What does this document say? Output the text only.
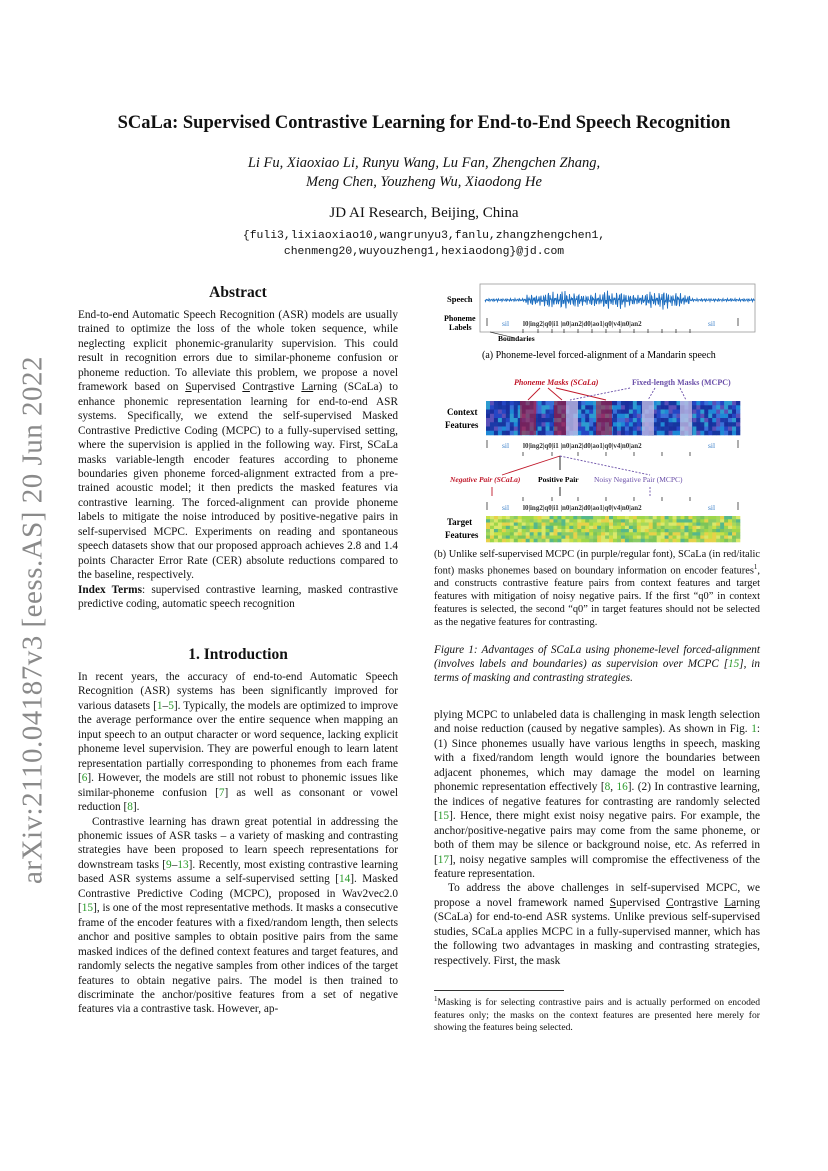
arXiv:2110.04187v3 [eess.AS] 20 Jun 2022
SCaLa: Supervised Contrastive Learning for End-to-End Speech Recognition
Li Fu, Xiaoxiao Li, Runyu Wang, Lu Fan, Zhengchen Zhang,
Meng Chen, Youzheng Wu, Xiaodong He
JD AI Research, Beijing, China
{fuli3,lixiaoxiao10,wangrunyu3,fanlu,zhangzhengchen1,
chenmeng20,wuyouzheng1,hexiaodong}@jd.com
Abstract

End-to-end Automatic Speech Recognition (ASR) models are usually trained to optimize the loss of the whole token sequence, while neglecting explicit phonemic-granularity supervision. This could result in recognition errors due to similar-phoneme confusion or phoneme reduction. To alleviate this problem, we propose a novel framework based on Supervised Contrastive Larning (SCaLa) to enhance phonemic representation learning for end-to-end ASR systems. Specifically, we extend the self-supervised Masked Contrastive Predictive Coding (MCPC) to a fully-supervised setting, where the supervision is applied in the following way. First, SCaLa masks variable-length encoder features according to phoneme boundaries given phoneme forced-alignment extracted from a pre-trained acoustic model; it then predicts the masked features via contrastive learning. The forced-alignment can provide phoneme labels to mitigate the noise introduced by positive-negative pairs in self-supervised MCPC. Experiments on reading and spontaneous speech datasets show that our proposed approach achieves 2.8 and 1.4 points Character Error Rate (CER) absolute reductions compared to the baseline, respectively.

Index Terms: supervised contrastive learning, masked contrastive predictive coding, automatic speech recognition

1. Introduction

In recent years, the accuracy of end-to-end Automatic Speech Recognition (ASR) systems has been significantly improved for various datasets [1–5]. Typically, the models are optimized to improve the average performance over the entire sequence when mapping an input speech to an output character or word sequence, lacking explicit phoneme level supervision. They are powerful enough to learn latent representation partially corresponding to phonemes from each frame [6]. However, the models are still not robust to phonemic issues like similar-phoneme confusion [7] as well as consonant or vowel reduction [8].

Contrastive learning has drawn great potential in addressing the phonemic issues of ASR tasks – a variety of masking and contrasting strategies have been proposed to learn speech representations for downstream tasks [9–13]. Recently, most existing contrastive learning based ASR systems assume a self-supervised setting [14]. Masked Contrastive Predictive Coding (MCPC), proposed in Wav2vec2.0 [15], is one of the most representative methods. It masks a consecutive frame of the encoder features with a fixed/random length, then selects anchor and positive samples to obtain positive pairs from the same masked indices of the defined context features and target features, and randomly selects the negative samples from other indices of the target features to obtain negative pairs. The model is then trained to discriminate the anchor/positive features from a set of negative features via a contrastive task. However, ap-

Speech
Phoneme
Labels	sil l0|ing2|q0|i1 |n0|an2|d0|ao1|q0|v4|n0|an2	sil
Boundaries
(a) Phoneme-level forced-alignment of a Mandarin speech
Phoneme Masks (SCaLa)	Fixed-length Masks (MCPC)
Context
Features
sil l0|ing2|q0|i1 |n0|an2|d0|ao1|q0|v4|n0|an2	sil
Negative Pair (SCaLa) Positive Pair Noisy Negative Pair (MCPC)
sil l0|ing2|q0|i1 |n0|an2|d0|ao1|q0|v4|n0|an2	sil
Target
Features
(b) Unlike self-supervised MCPC (in purple/regular font), SCaLa (in red/italic font) masks phonemes based on boundary information on encoder features$^1$, and constructs contrastive feature pairs from context features and target features with mitigation of noisy negative pairs. If the first “q0” in context features is selected, the second “q0” in target features should not be selected as the negative features for contrasting.
Figure 1: Advantages of SCaLa using phoneme-level forced-alignment (involves labels and boundaries) as supervision over MCPC [15], in terms of masking and contrasting strategies.

plying MCPC to unlabeled data is challenging in mask length selection and noise reduction (caused by negative samples). As shown in Fig. 1: (1) Since phonemes usually have various lengths in speech, masking with a fixed/random length would ignore the boundaries between adjacent phonemes, which may damage the model on learning phonemic representation effectively [8, 16]. (2) In contrastive learning, the indices of negative features for contrasting are randomly selected [15]. Hence, there might exist noisy negative pairs. For example, the anchor/positive-negative pairs may come from the same phoneme, or both of them may be silence or background noise, etc. As referred in [17], noisy negative samples will compromise the effectiveness of the feature representation.

To address the above challenges in self-supervised MCPC, we propose a novel framework named Supervised Contrastive Larning (SCaLa) for end-to-end ASR systems. Unlike previous self-supervised studies, SCaLa applies MCPC in a fully-supervised manner, which has the following two advantages in masking and contrasting strategies, respectively. First, the mask

$^1$Masking is for selecting contrastive pairs and is actually performed on encoded features only; the masks on the context features are presented here merely for showing the features being selected.
